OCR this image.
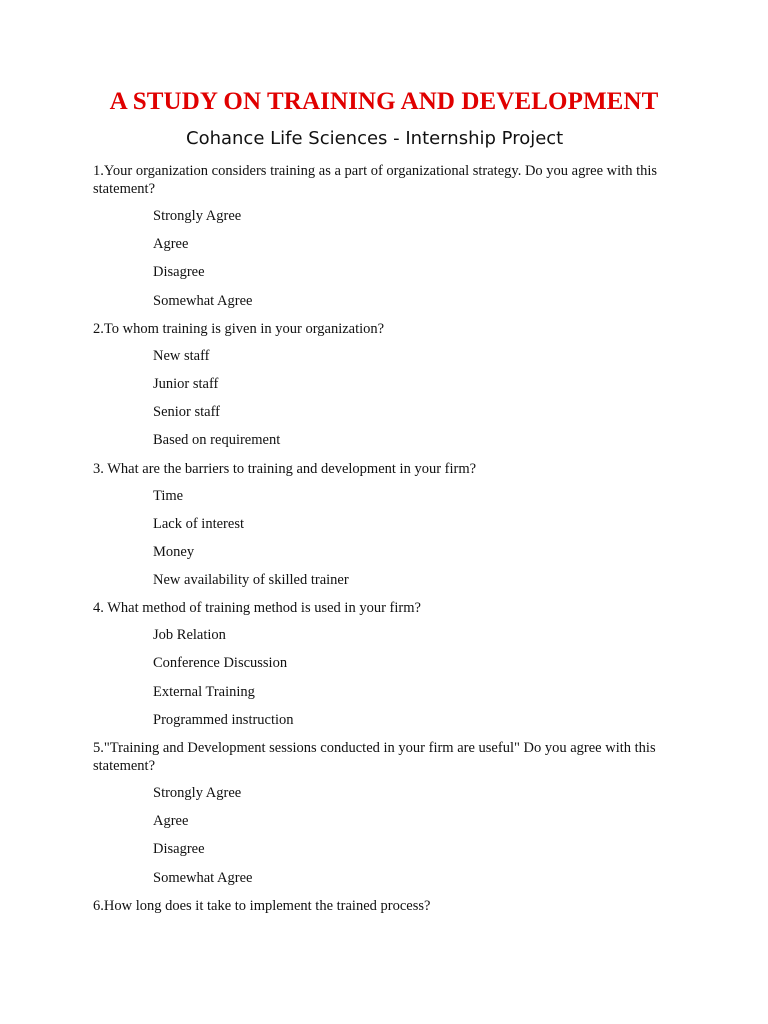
A STUDY ON TRAINING AND DEVELOPMENT
Cohance Life Sciences - Internship Project

1.Your organization considers training as a part of organizational strategy. Do you agree with this statement?

Strongly Agree
Agree
Disagree
Somewhat Agree

2.To whom training is given in your organization?

New staff
Junior staff
Senior staff
Based on requirement

3. What are the barriers to training and development in your firm?

Time
Lack of interest
Money
New availability of skilled trainer

4. What method of training method is used in your firm?

Job Relation
Conference Discussion
External Training
Programmed instruction

5."Training and Development sessions conducted in your firm are useful" Do you agree with this statement?

Strongly Agree
Agree
Disagree
Somewhat Agree

6.How long does it take to implement the trained process?
